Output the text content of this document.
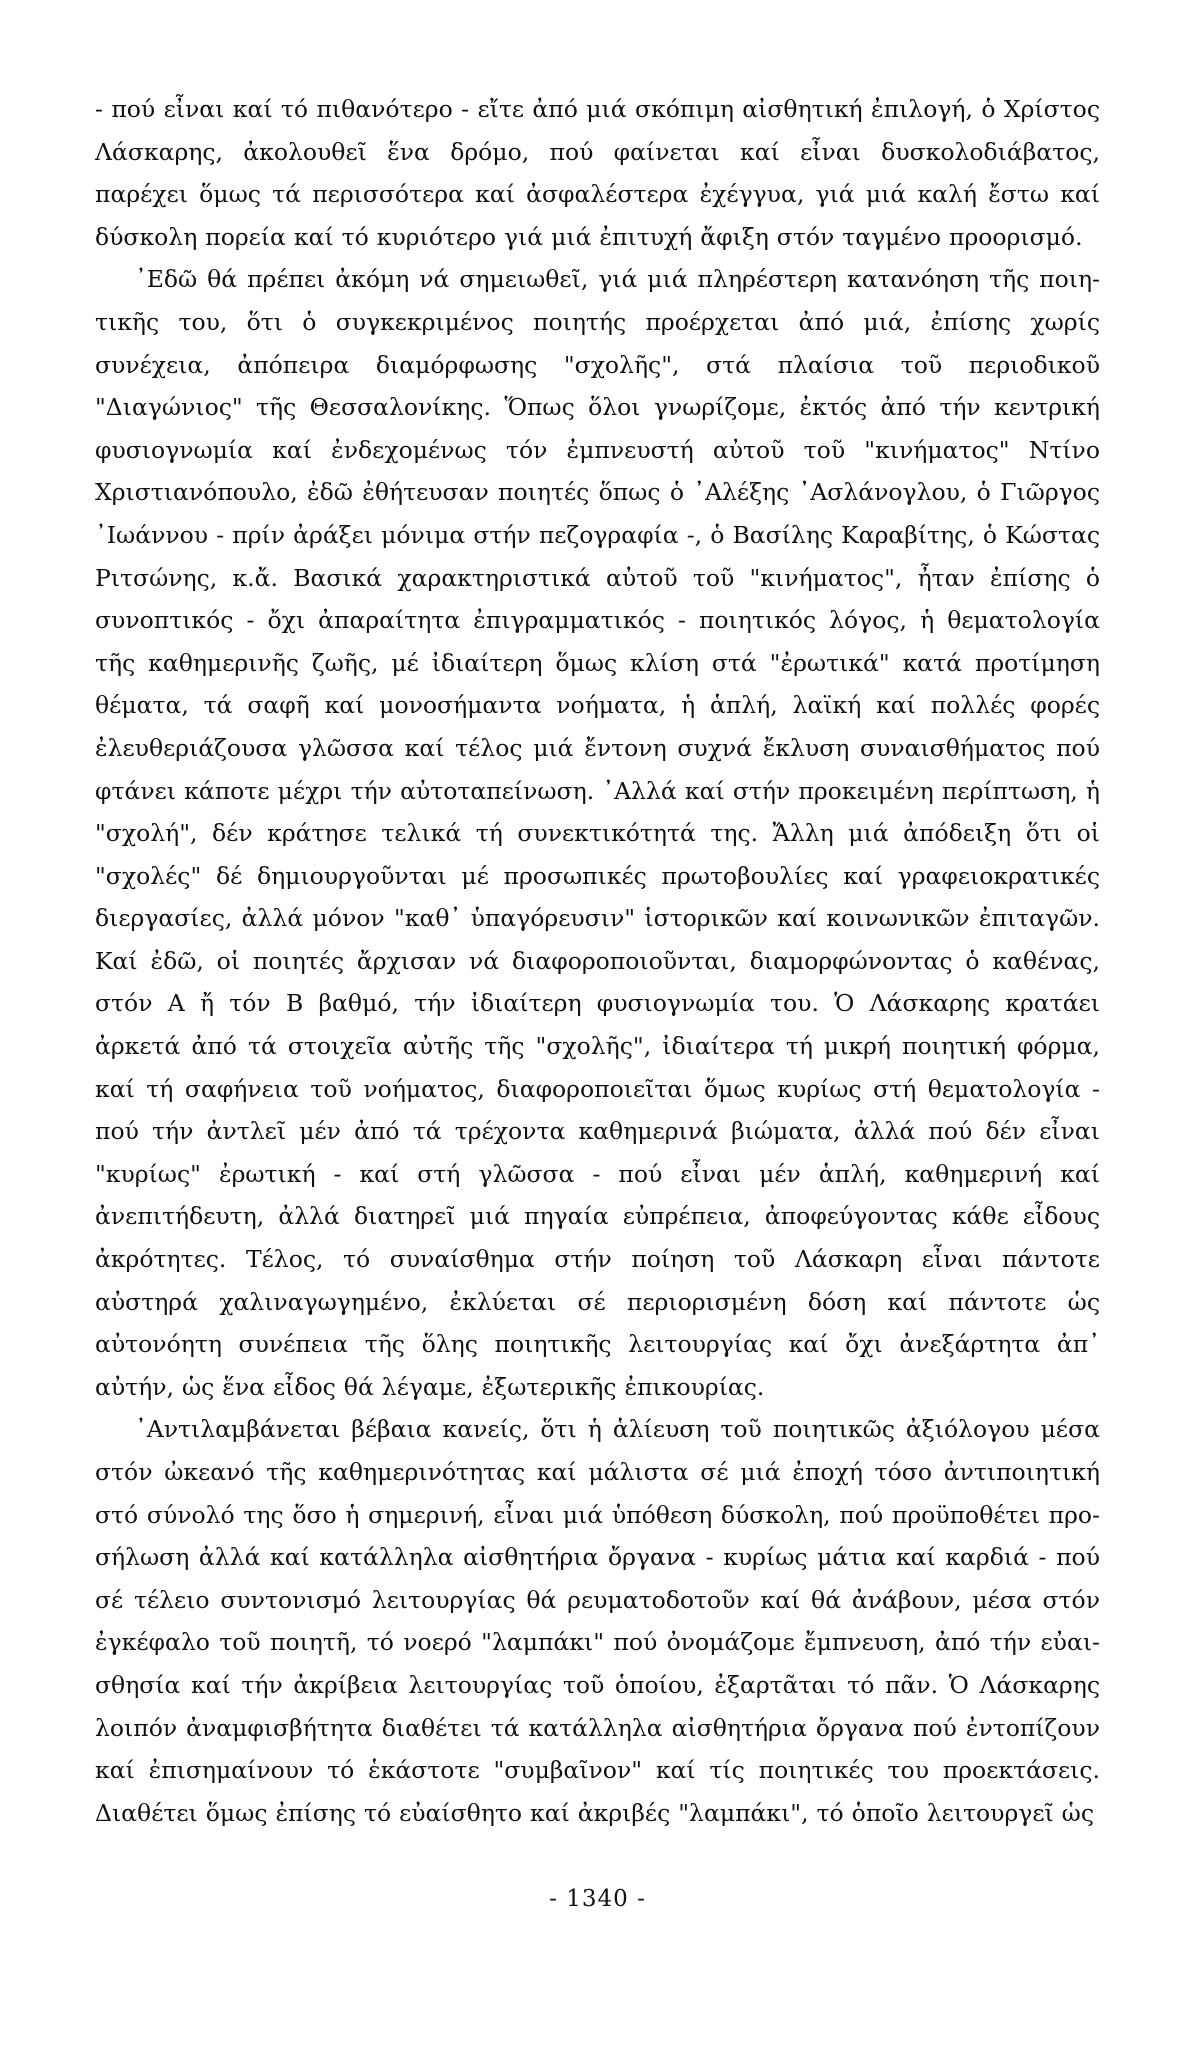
- πού εἶναι καί τό πιθανότερο - εἴτε ἀπό μιά σκόπιμη αἰσθητική ἐπιλογή, ὁ Χρίστος Λάσκαρης, ἀκολουθεῖ ἕνα δρόμο, πού φαίνεται καί εἶναι δυσκολοδιάβατος, παρέχει ὅμως τά περισσότερα καί ἀσφαλέστερα ἐχέγγυα, γιά μιά καλή ἔστω καί δύσκολη πορεία καί τό κυριότερο γιά μιά ἐπιτυχή ἄφιξη στόν ταγμένο προορισμό.

᾿Εδῶ θά πρέπει ἀκόμη νά σημειωθεῖ, γιά μιά πληρέστερη κατανόηση τῆς ποιητικῆς του, ὅτι ὁ συγκεκριμένος ποιητής προέρχεται ἀπό μιά, ἐπίσης χωρίς συνέχεια, ἀπόπειρα διαμόρφωσης "σχολῆς", στά πλαίσια τοῦ περιοδικοῦ "Διαγώνιος" τῆς Θεσσαλονίκης. Ὅπως ὅλοι γνωρίζομε, ἐκτός ἀπό τήν κεντρική φυσιογνωμία καί ἐνδεχομένως τόν ἐμπνευστή αὐτοῦ τοῦ "κινήματος" Ντίνο Χριστιανόπουλο, ἐδῶ ἐθήτευσαν ποιητές ὅπως ὁ ᾿Αλέξης ᾿Ασλάνογλου, ὁ Γιῶργος ᾿Ιωάννου - πρίν ἀράξει μόνιμα στήν πεζογραφία -, ὁ Βασίλης Καραβίτης, ὁ Κώστας Ριτσώνης, κ.ἄ. Βασικά χαρακτηριστικά αὐτοῦ τοῦ "κινήματος", ἦταν ἐπίσης ὁ συνοπτικός - ὄχι ἀπαραίτητα ἐπιγραμματικός - ποιητικός λόγος, ἡ θεματολογία τῆς καθημερινῆς ζωῆς, μέ ἰδιαίτερη ὅμως κλίση στά "ἐρωτικά" κατά προτίμηση θέματα, τά σαφῆ καί μονοσήμαντα νοήματα, ἡ ἁπλή, λαϊκή καί πολλές φορές ἐλευθεριάζουσα γλῶσσα καί τέλος μιά ἔντονη συχνά ἔκλυση συναισθήματος πού φτάνει κάποτε μέχρι τήν αὐτοταπείνωση. ᾿Αλλά καί στήν προκειμένη περίπτωση, ἡ "σχολή", δέν κράτησε τελικά τή συνεκτικότητά της. Ἄλλη μιά ἀπόδειξη ὅτι οἱ "σχολές" δέ δημιουργοῦνται μέ προσωπικές πρωτοβουλίες καί γραφειοκρατικές διεργασίες, ἀλλά μόνον "καθ᾿ ὑπαγόρευσιν" ἱστορικῶν καί κοινωνικῶν ἐπιταγῶν. Καί ἐδῶ, οἱ ποιητές ἄρχισαν νά διαφοροποιοῦνται, διαμορφώνοντας ὁ καθένας, στόν Α ἤ τόν Β βαθμό, τήν ἰδιαίτερη φυσιογνωμία του. Ὁ Λάσκαρης κρατάει ἀρκετά ἀπό τά στοιχεῖα αὐτῆς τῆς "σχολῆς", ἰδιαίτερα τή μικρή ποιητική φόρμα, καί τή σαφήνεια τοῦ νοήματος, διαφοροποιεῖται ὅμως κυρίως στή θεματολογία - πού τήν ἀντλεῖ μέν ἀπό τά τρέχοντα καθημερινά βιώματα, ἀλλά πού δέν εἶναι "κυρίως" ἐρωτική - καί στή γλῶσσα - πού εἶναι μέν ἁπλή, καθημερινή καί ἀνεπιτήδευτη, ἀλλά διατηρεῖ μιά πηγαία εὐπρέπεια, ἀποφεύγοντας κάθε εἶδους ἀκρότητες. Τέλος, τό συναίσθημα στήν ποίηση τοῦ Λάσκαρη εἶναι πάντοτε αὐστηρά χαλιναγωγημένο, ἐκλύεται σέ περιορισμένη δόση καί πάντοτε ὡς αὐτονόητη συνέπεια τῆς ὅλης ποιητικῆς λειτουργίας καί ὄχι ἀνεξάρτητα ἀπ᾿ αὐτήν, ὡς ἕνα εἶδος θά λέγαμε, ἐξωτερικῆς ἐπικουρίας.

᾿Αντιλαμβάνεται βέβαια κανείς, ὅτι ἡ ἁλίευση τοῦ ποιητικῶς ἀξιόλογου μέσα στόν ὠκεανό τῆς καθημερινότητας καί μάλιστα σέ μιά ἐποχή τόσο ἀντιποιητική στό σύνολό της ὅσο ἡ σημερινή, εἶναι μιά ὑπόθεση δύσκολη, πού προϋποθέτει προσήλωση ἀλλά καί κατάλληλα αἰσθητήρια ὄργανα - κυρίως μάτια καί καρδιά - πού σέ τέλειο συντονισμό λειτουργίας θά ρευματοδοτοῦν καί θά ἀνάβουν, μέσα στόν ἐγκέφαλο τοῦ ποιητῆ, τό νοερό "λαμπάκι" πού ὀνομάζομε ἔμπνευση, ἀπό τήν εὐαισθησία καί τήν ἀκρίβεια λειτουργίας τοῦ ὁποίου, ἐξαρτᾶται τό πᾶν. Ὁ Λάσκαρης λοιπόν ἀναμφισβήτητα διαθέτει τά κατάλληλα αἰσθητήρια ὄργανα πού ἐντοπίζουν καί ἐπισημαίνουν τό ἑκάστοτε "συμβαῖνον" καί τίς ποιητικές του προεκτάσεις. Διαθέτει ὅμως ἐπίσης τό εὐαίσθητο καί ἀκριβές "λαμπάκι", τό ὁποῖο λειτουργεῖ ὡς

- 1340 -
